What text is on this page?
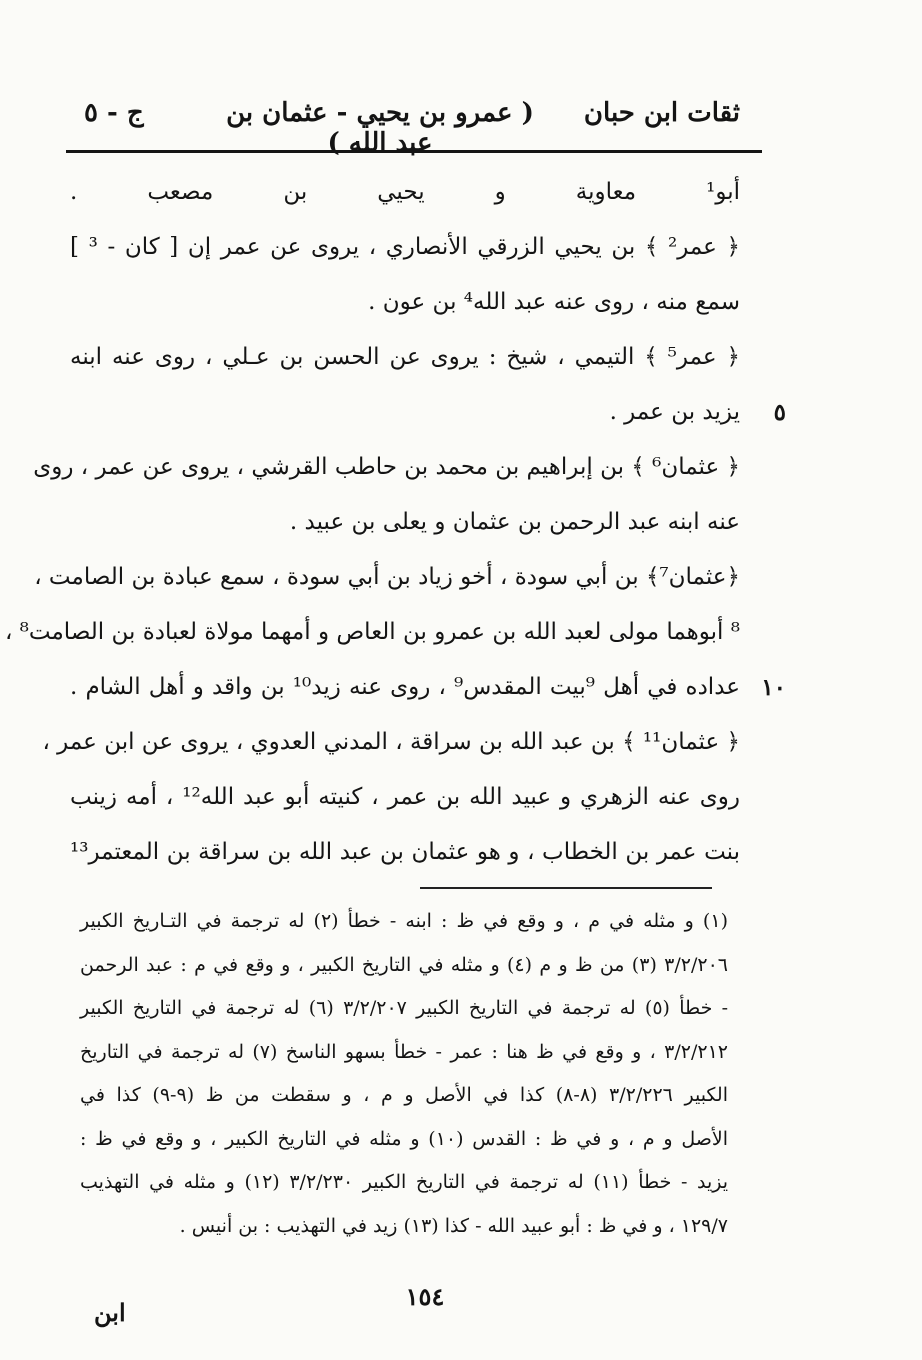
ثقات ابن حبان
( عمرو بن يحيي - عثمان بن عبد الله )
ج - ٥
أبو¹ معاوية و يحيي بن مصعب .
﴿ عمر² ﴾ بن يحيي الزرقي الأنصاري ، يروى عن عمر إن [ كان - ³ ]
سمع منه ، روى عنه عبد الله⁴ بن عون .
﴿ عمر⁵ ﴾ التيمي ، شيخ : يروى عن الحسن بن عـلي ، روى عنه ابنه
٥
يزيد بن عمر .
﴿ عثمان⁶ ﴾ بن إبراهيم بن محمد بن حاطب القرشي ، يروى عن عمر ، روى
عنه ابنه عبد الرحمن بن عثمان و يعلى بن عبيد .
﴿عثمان⁷﴾ بن أبي سودة ، أخو زياد بن أبي سودة ، سمع عبادة بن الصامت ،
⁸ أبوهما مولى لعبد الله بن عمرو بن العاص و أمهما مولاة لعبادة بن الصامت⁸ ،
١٠
عداده في أهل ⁹بيت المقدس⁹ ، روى عنه زيد¹⁰ بن واقد و أهل الشام .
﴿ عثمان¹¹ ﴾ بن عبد الله بن سراقة ، المدني العدوي ، يروى عن ابن عمر ،
روى عنه الزهري و عبيد الله بن عمر ، كنيته أبو عبد الله¹² ، أمه زينب
بنت عمر بن الخطاب ، و هو عثمان بن عبد الله بن سراقة بن المعتمر¹³
(١) و مثله في م ، و وقع في ظ : ابنه - خطأ (٢) له ترجمة في التـاريخ الكبير
٣/٢/٢٠٦ (٣) من ظ و م (٤) و مثله في التاريخ الكبير ، و وقع في م : عبد الرحمن
- خطأ (٥) له ترجمة في التاريخ الكبير ٣/٢/٢٠٧ (٦) له ترجمة في التاريخ الكبير
٣/٢/٢١٢ ، و وقع في ظ هنا : عمر - خطأ بسهو الناسخ (٧) له ترجمة في التاريخ
الكبير ٣/٢/٢٢٦ (٨-٨) كذا في الأصل و م ، و سقطت من ظ (٩-٩) كذا في
الأصل و م ، و في ظ : القدس (١٠) و مثله في التاريخ الكبير ، و وقع في ظ :
يزيد - خطأ (١١) له ترجمة في التاريخ الكبير ٣/٢/٢٣٠ (١٢) و مثله في التهذيب
١٢٩/٧ ، و في ظ : أبو عبيد الله - كذا (١٣) زيد في التهذيب : بن أنيس .
١٥٤
ابن
